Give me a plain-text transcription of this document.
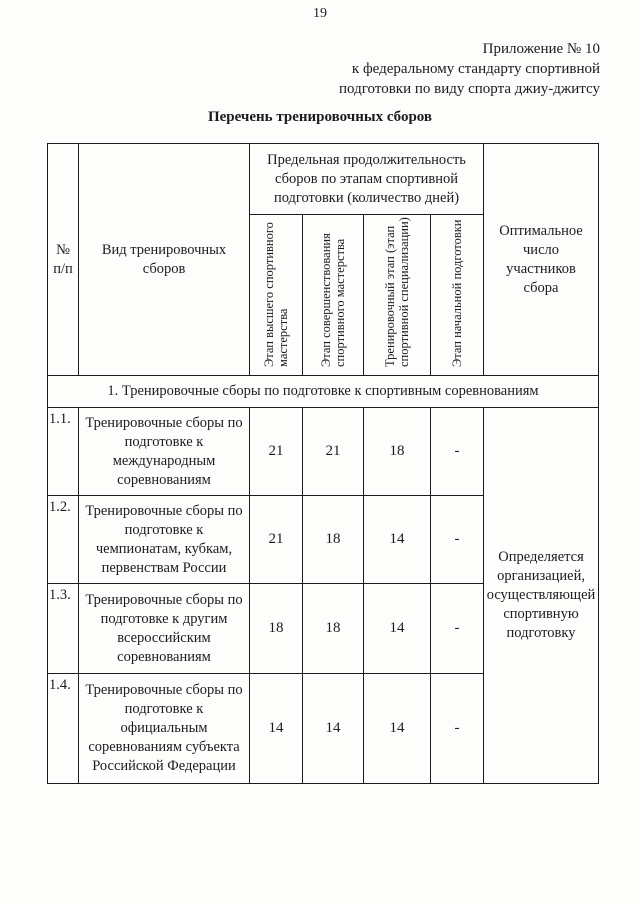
19
Приложение № 10
к федеральному стандарту спортивной
подготовки по виду спорта джиу-джитсу
Перечень тренировочных сборов
№ п/п	Вид тренировочных сборов	Предельная продолжительность сборов по этапам спортивной подготовки (количество дней)				Оптимальное число участников сбора
		Этап высшего спортивного мастерства	Этап совершенствования спортивного мастерства	Тренировочный этап (этап спортивной специализации)	Этап начальной подготовки	
1. Тренировочные сборы по подготовке к спортивным соревнованиям						
1.1.	Тренировочные сборы по подготовке к международным соревнованиям	21	21	18	-	Определяется организацией, осуществляющей спортивную подготовку
1.2.	Тренировочные сборы по подготовке к чемпионатам, кубкам, первенствам России	21	18	14	-	
1.3.	Тренировочные сборы по подготовке к другим всероссийским соревнованиям	18	18	14	-	
1.4.	Тренировочные сборы по подготовке к официальным соревнованиям субъекта Российской Федерации	14	14	14	-	
